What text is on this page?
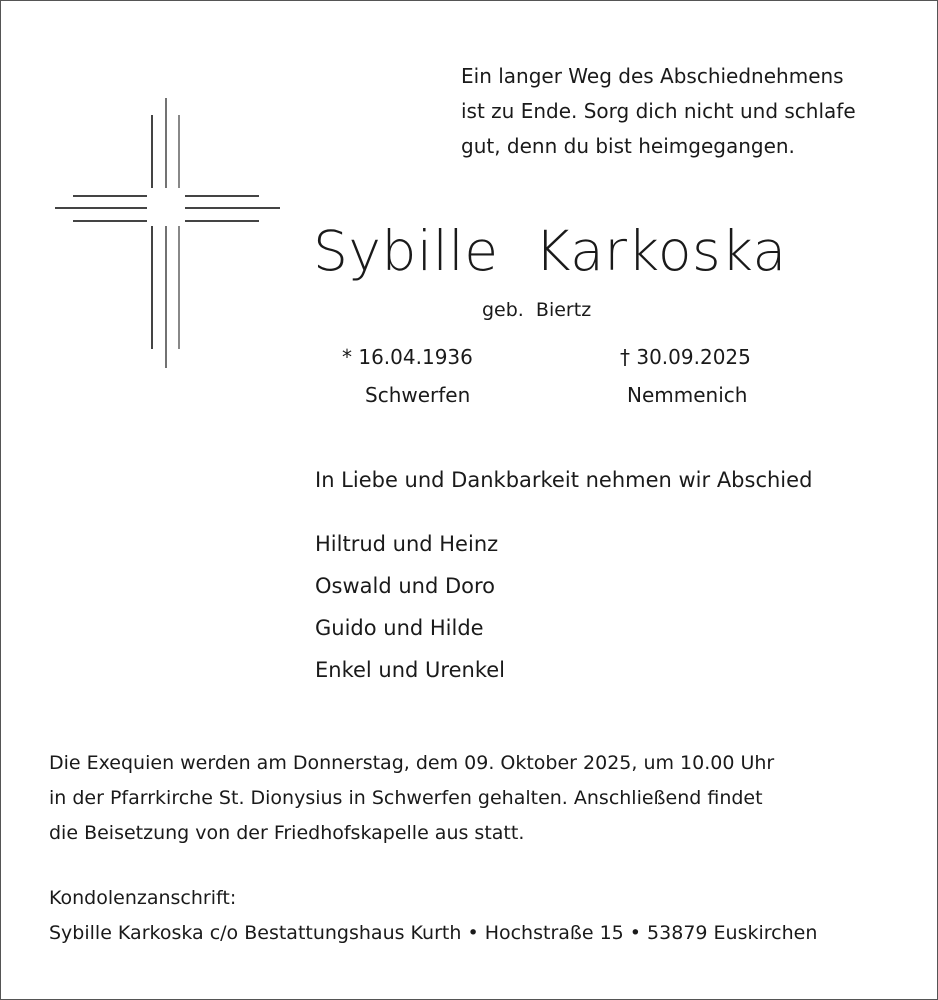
Ein langer Weg des Abschiednehmens
ist zu Ende. Sorg dich nicht und schlafe
gut, denn du bist heimgegangen.
Sybille  Karkoska
geb.  Biertz
* 16.04.1936
Schwerfen
† 30.09.2025
Nemmenich
In Liebe und Dankbarkeit nehmen wir Abschied
Hiltrud und Heinz
Oswald und Doro
Guido und Hilde
Enkel und Urenkel
Die Exequien werden am Donnerstag, dem 09. Oktober 2025, um 10.00 Uhr
in der Pfarrkirche St. Dionysius in Schwerfen gehalten. Anschließend findet
die Beisetzung von der Friedhofskapelle aus statt.
Kondolenzanschrift:
Sybille Karkoska c/o Bestattungshaus Kurth • Hochstraße 15 • 53879 Euskirchen
